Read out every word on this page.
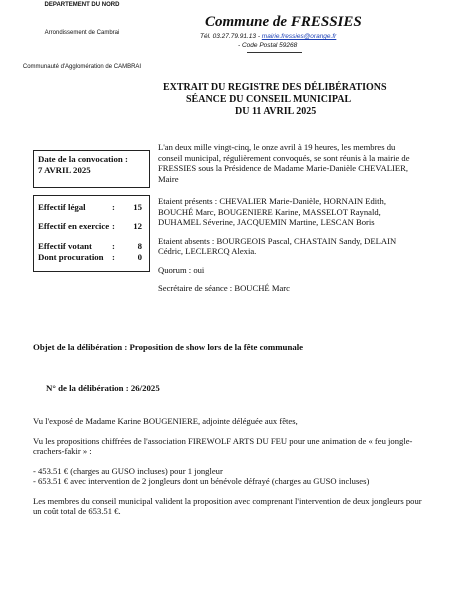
DEPARTEMENT DU NORD
Arrondissement de Cambrai
Communauté d'Agglomération de CAMBRAI
Commune de FRESSIES
Tél. 03.27.79.91.13 - mairie.fressies@orange.fr
- Code Postal 59268
EXTRAIT DU REGISTRE DES DÉLIBÉRATIONS
SÉANCE DU CONSEIL MUNICIPAL
DU 11 AVRIL 2025
Date de la convocation :
7 AVRIL 2025
Effectif légal	:	15
Effectif en exercice :	12
Effectif votant	:	8
Dont procuration :	0

L'an deux mille vingt-cinq, le onze avril à 19 heures, les membres du conseil municipal, régulièrement convoqués, se sont réunis à la mairie de FRESSIES sous la Présidence de Madame Marie-Danièle CHEVALIER, Maire

Etaient présents : CHEVALIER Marie-Danièle, HORNAIN Edith, BOUCHÉ Marc, BOUGENIERE Karine, MASSELOT Raynald, DUHAMEL Séverine, JACQUEMIN Martine, LESCAN Boris

Etaient absents : BOURGEOIS Pascal, CHASTAIN Sandy, DELAIN Cédric, LECLERCQ Alexia.

Quorum : oui

Secrétaire de séance : BOUCHÉ Marc

Objet de la délibération : Proposition de show lors de la fête communale
N° de la délibération : 26/2025

Vu l'exposé de Madame Karine BOUGENIERE, adjointe déléguée aux fêtes,

Vu les propositions chiffrées de l'association FIREWOLF ARTS DU FEU pour une animation de « feu jongle-crachers-fakir » :

- 453.51 € (charges au GUSO incluses) pour 1 jongleur

- 653.51 € avec intervention de 2 jongleurs dont un bénévole défrayé (charges au GUSO incluses)

Les membres du conseil municipal valident la proposition avec comprenant l'intervention de deux jongleurs pour un coût total de 653.51 €.
